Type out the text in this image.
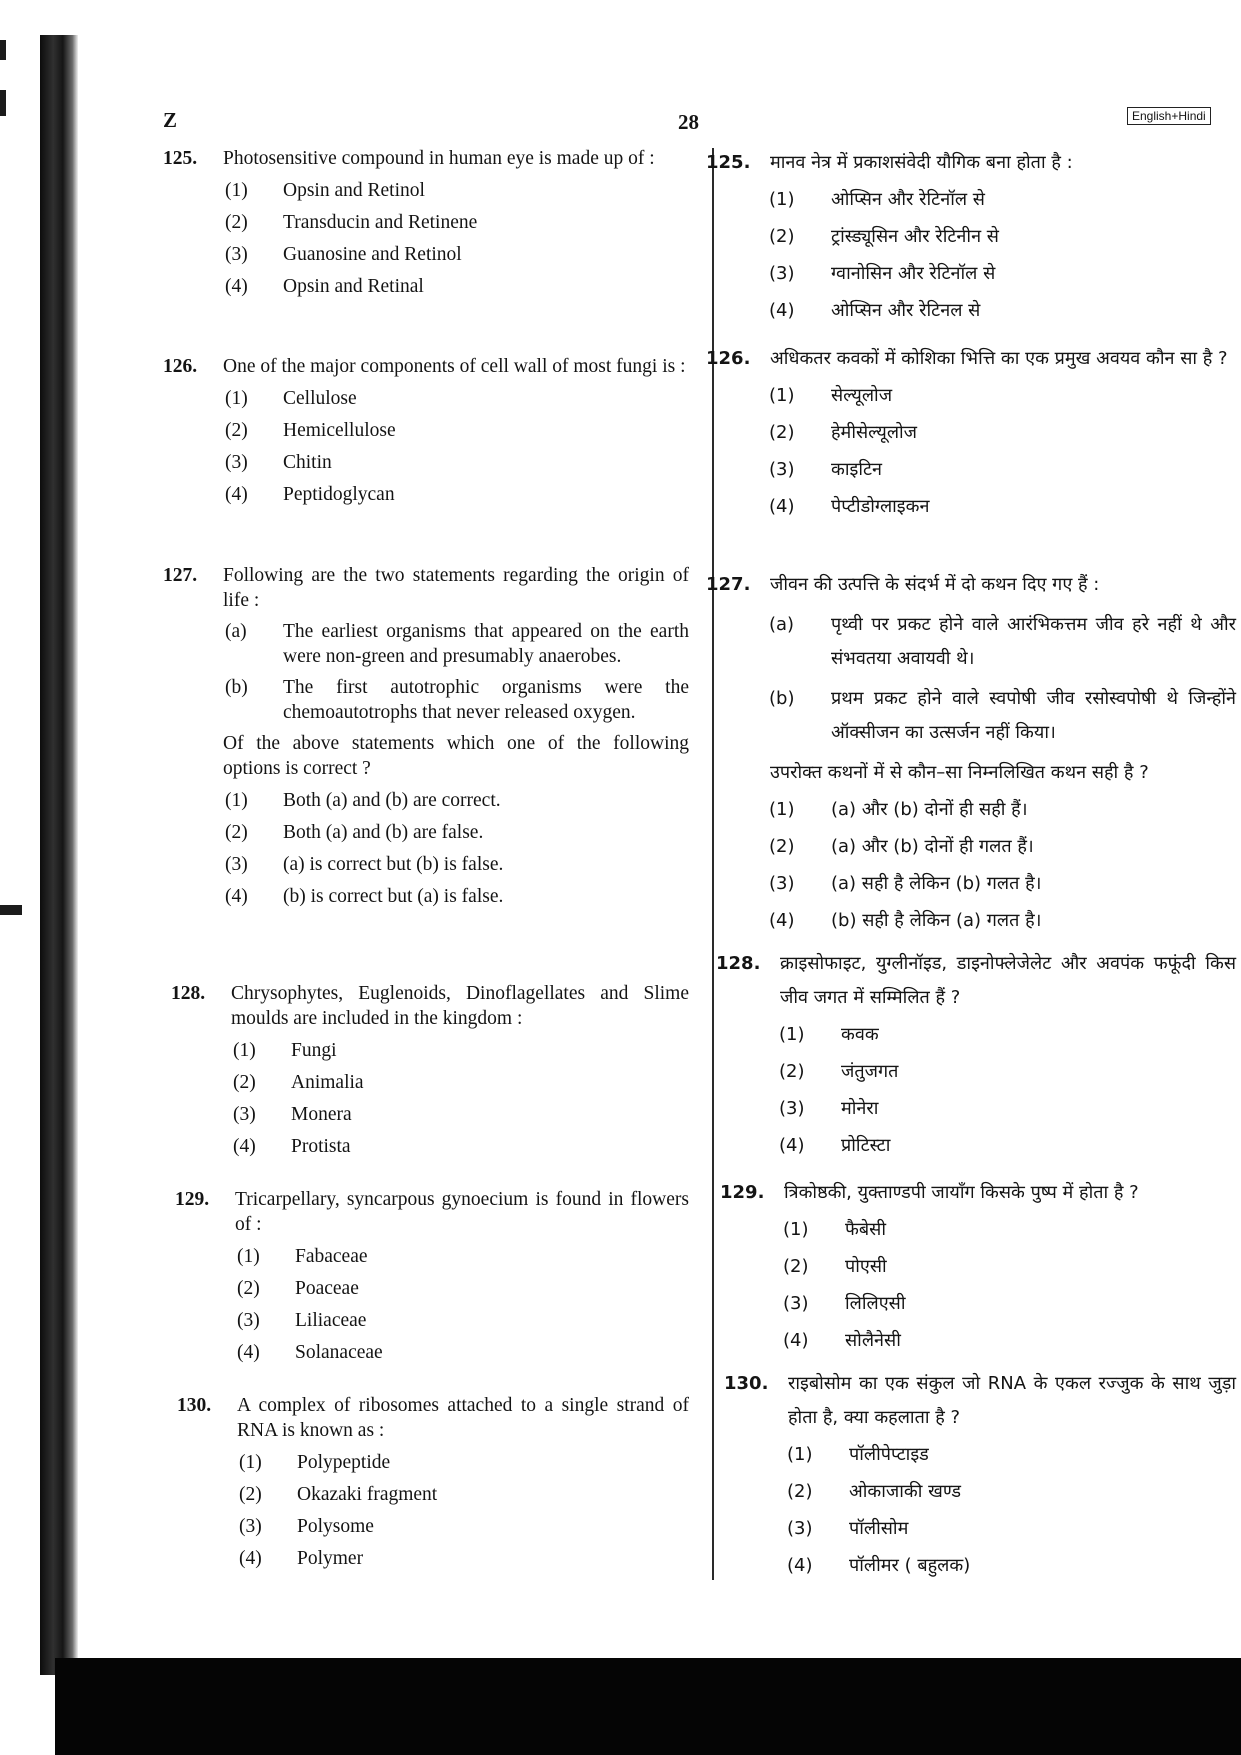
Z	28	English+Hindi
125.	Photosensitive compound in human eye is made up of :
(1)	Opsin and Retinol
(2)	Transducin and Retinene
(3)	Guanosine and Retinol
(4)	Opsin and Retinal
126.	One of the major components of cell wall of most fungi is :
(1)	Cellulose
(2)	Hemicellulose
(3)	Chitin
(4)	Peptidoglycan
127.	Following are the two statements regarding the origin of life :
(a)	The earliest organisms that appeared on the earth were non-green and presumably anaerobes.
(b)	The first autotrophic organisms were the chemoautotrophs that never released oxygen.
Of the above statements which one of the following options is correct ?
(1)	Both (a) and (b) are correct.
(2)	Both (a) and (b) are false.
(3)	(a) is correct but (b) is false.
(4)	(b) is correct but (a) is false.
128.	Chrysophytes, Euglenoids, Dinoflagellates and Slime moulds are included in the kingdom :
(1)	Fungi
(2)	Animalia
(3)	Monera
(4)	Protista
129.	Tricarpellary, syncarpous gynoecium is found in flowers of :
(1)	Fabaceae
(2)	Poaceae
(3)	Liliaceae
(4)	Solanaceae
130.	A complex of ribosomes attached to a single strand of RNA is known as :
(1)	Polypeptide
(2)	Okazaki fragment
(3)	Polysome
(4)	Polymer
125.	मानव नेत्र में प्रकाशसंवेदी यौगिक बना होता है :
(1)	ओप्सिन और रेटिनॉल से
(2)	ट्रांस्ड्यूसिन और रेटिनीन से
(3)	ग्वानोसिन और रेटिनॉल से
(4)	ओप्सिन और रेटिनल से
126.	अधिकतर कवकों में कोशिका भित्ति का एक प्रमुख अवयव कौन सा है ?
(1)	सेल्यूलोज
(2)	हेमीसेल्यूलोज
(3)	काइटिन
(4)	पेप्टीडोग्लाइकन
127.	जीवन की उत्पत्ति के संदर्भ में दो कथन दिए गए हैं :
(a)	पृथ्वी पर प्रकट होने वाले आरंभिकत्तम जीव हरे नहीं थे और संभवतया अवायवी थे।
(b)	प्रथम प्रकट होने वाले स्वपोषी जीव रसोस्वपोषी थे जिन्होंने ऑक्सीजन का उत्सर्जन नहीं किया।
उपरोक्त कथनों में से कौन–सा निम्नलिखित कथन सही है ?
(1)	(a) और (b) दोनों ही सही हैं।
(2)	(a) और (b) दोनों ही गलत हैं।
(3)	(a) सही है लेकिन (b) गलत है।
(4)	(b) सही है लेकिन (a) गलत है।
128.	क्राइसोफाइट, युग्लीनॉइड, डाइनोफ्लेजेलेट और अवपंक फफूंदी किस जीव जगत में सम्मिलित हैं ?
(1)	कवक
(2)	जंतुजगत
(3)	मोनेरा
(4)	प्रोटिस्टा
129.	त्रिकोष्ठकी, युक्ताण्डपी जायाँग किसके पुष्प में होता है ?
(1)	फैबेसी
(2)	पोएसी
(3)	लिलिएसी
(4)	सोलैनेसी
130.	राइबोसोम का एक संकुल जो RNA के एकल रज्जुक के साथ जुड़ा होता है, क्या कहलाता है ?
(1)	पॉलीपेप्टाइड
(2)	ओकाजाकी खण्ड
(3)	पॉलीसोम
(4)	पॉलीमर ( बहुलक)
